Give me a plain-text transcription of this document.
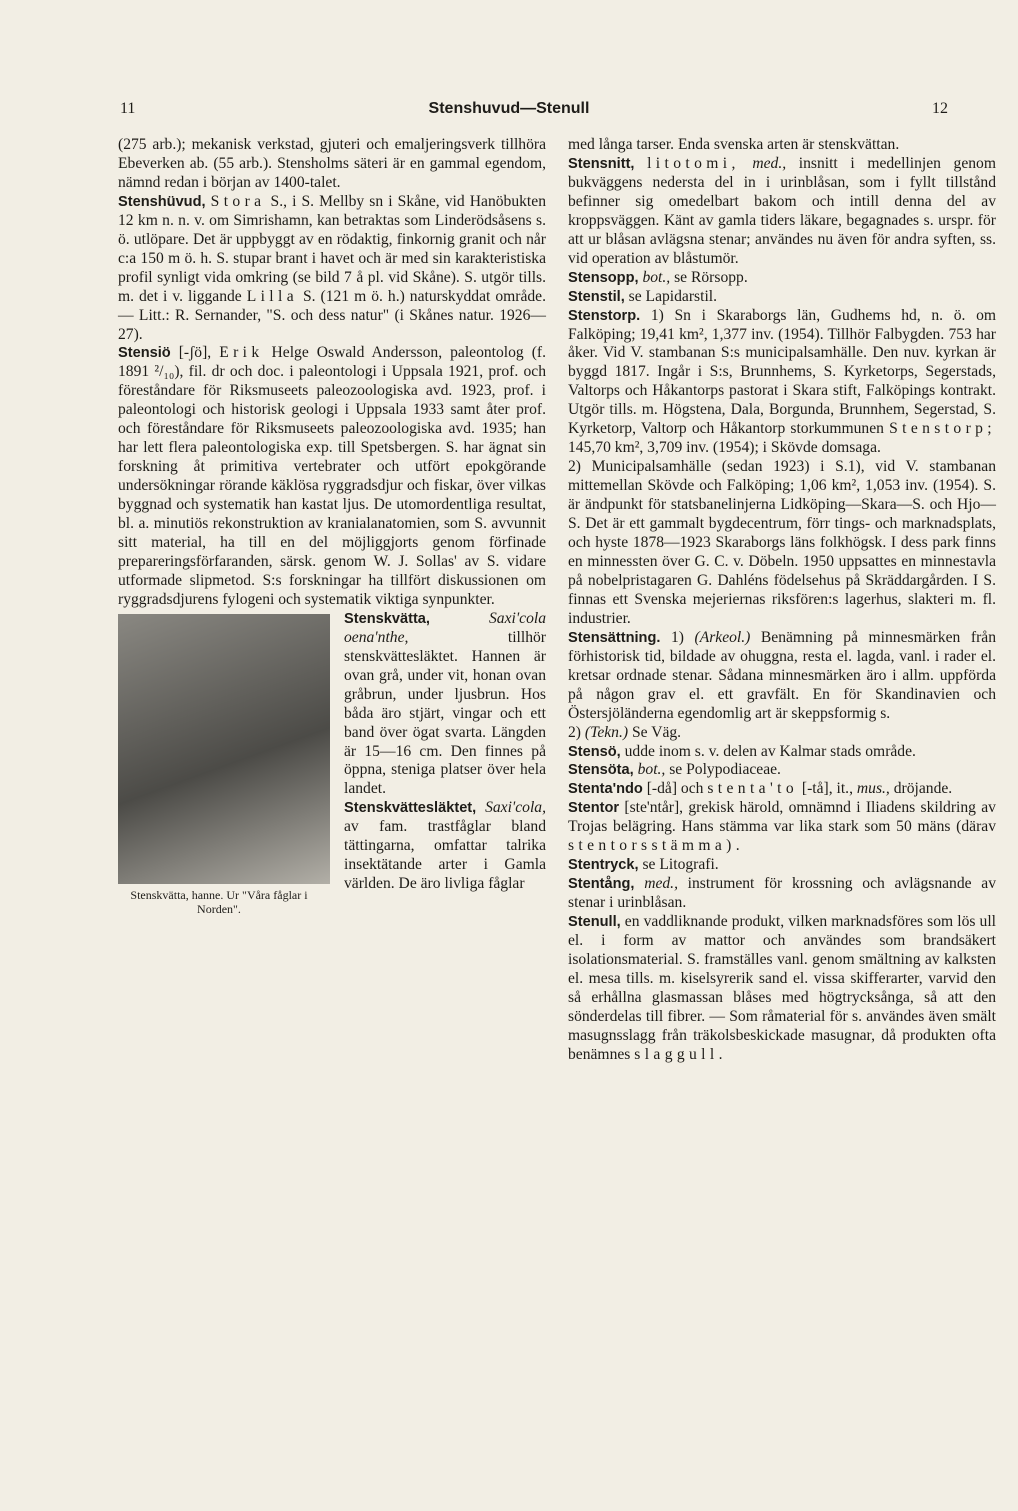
11	Stenshuvud—Stenull	12

(275 arb.); mekanisk verkstad, gjuteri och emaljeringsverk tillhöra Ebeverken ab. (55 arb.). Stensholms säteri är en gammal egendom, nämnd redan i början av 1400-talet.

Stenshüvud, Stora S., i S. Mellby sn i Skåne, vid Hanöbukten 12 km n. n. v. om Simrishamn, kan betraktas som Linderödsåsens s. ö. utlöpare. Det är uppbyggt av en rödaktig, finkornig granit och når c:a 150 m ö. h. S. stupar brant i havet och är med sin karakteristiska profil synligt vida omkring (se bild 7 å pl. vid Skåne). S. utgör tills. m. det i v. liggande Lilla S. (121 m ö. h.) naturskyddat område. — Litt.: R. Sernander, "S. och dess natur" (i Skånes natur. 1926—27).

Stensiö [-ʃö], Erik Helge Oswald Andersson, paleontolog (f. 1891 ²/₁₀), fil. dr och doc. i paleontologi i Uppsala 1921, prof. och föreståndare för Riksmuseets paleozoologiska avd. 1923, prof. i paleontologi och historisk geologi i Uppsala 1933 samt åter prof. och föreståndare för Riksmuseets paleozoologiska avd. 1935; han har lett flera paleontologiska exp. till Spetsbergen. S. har ägnat sin forskning åt primitiva vertebrater och utfört epokgörande undersökningar rörande käklösa ryggradsdjur och fiskar, över vilkas byggnad och systematik han kastat ljus. De utomordentliga resultat, bl. a. minutiös rekonstruktion av kranialanatomien, som S. avvunnit sitt material, ha till en del möjliggjorts genom förfinade prepareringsförfaranden, särsk. genom W. J. Sollas' av S. vidare utformade slipmetod. S:s forskningar ha tillfört diskussionen om ryggradsdjurens fylogeni och systematik viktiga synpunkter.

Stenskvätta, hanne. Ur "Våra fåglar i Norden".

Stenskvätta,	Saxi'cola oena'nthe,	tillhör stenskvättesläktet. Hannen är ovan grå, under vit, honan ovan gråbrun, under ljusbrun. Hos båda äro stjärt, vingar och ett band över ögat svarta. Längden är 15—16 cm. Den finnes på öppna, steniga platser över hela landet.

Stenskvättesläktet, Saxi'cola, av fam. trastfåglar bland tättingarna, omfattar talrika insektätande arter i Gamla världen. De äro livliga fåglar

med långa tarser. Enda svenska arten är stenskvättan.

Stensnitt, litotomi, med., insnitt i medellinjen genom bukväggens nedersta del in i urinblåsan, som i fyllt tillstånd befinner sig omedelbart bakom och intill denna del av kroppsväggen. Känt av gamla tiders läkare, begagnades s. urspr. för att ur blåsan avlägsna stenar; användes nu även för andra syften, ss. vid operation av blåstumör.

Stensopp, bot., se Rörsopp.

Stenstil, se Lapidarstil.

Stenstorp. 1) Sn i Skaraborgs län, Gudhems hd, n. ö. om Falköping; 19,41 km², 1,377 inv. (1954). Tillhör Falbygden. 753 har åker. Vid V. stambanan S:s municipalsamhälle. Den nuv. kyrkan är byggd 1817. Ingår i S:s, Brunnhems, S. Kyrketorps, Segerstads, Valtorps och Håkantorps pastorat i Skara stift, Falköpings kontrakt. Utgör tills. m. Högstena, Dala, Borgunda, Brunnhem, Segerstad, S. Kyrketorp, Valtorp och Håkantorp storkummunen Stenstorp; 145,70 km², 3,709 inv. (1954); i Skövde domsaga.

2) Municipalsamhälle (sedan 1923) i S.1), vid V. stambanan mittemellan Skövde och Falköping; 1,06 km², 1,053 inv. (1954). S. är ändpunkt för statsbanelinjerna Lidköping—Skara—S. och Hjo—S. Det är ett gammalt bygdecentrum, förr tings- och marknadsplats, och hyste 1878—1923 Skaraborgs läns folkhögsk. I dess park finns en minnessten över G. C. v. Döbeln. 1950 uppsattes en minnestavla på nobelpristagaren G. Dahléns födelsehus på Skräddargården. I S. finnas ett Svenska mejeriernas riksfören:s lagerhus, slakteri m. fl. industrier.

Stensättning. 1) (Arkeol.) Benämning på minnesmärken från förhistorisk tid, bildade av ohuggna, resta el. lagda, vanl. i rader el. kretsar ordnade stenar. Sådana minnesmärken äro i allm. uppförda på någon grav el. ett gravfält. En för Skandinavien och Östersjöländerna egendomlig art är skeppsformig s.

2) (Tekn.) Se Väg.

Stensö, udde inom s. v. delen av Kalmar stads område.

Stensöta, bot., se Polypodiaceae.

Stenta'ndo [-då] och stenta'to [-tå], it., mus., dröjande.

Stentor [ste'ntår], grekisk härold, omnämnd i Iliadens skildring av Trojas belägring. Hans stämma var lika stark som 50 mäns (därav stentorsstämma).

Stentryck, se Litografi.

Stentång, med., instrument för krossning och avlägsnande av stenar i urinblåsan.

Stenull, en vaddliknande produkt, vilken marknadsföres som lös ull el. i form av mattor och användes som brandsäkert isolationsmaterial. S. framställes vanl. genom smältning av kalksten el. mesa tills. m. kiselsyrerik sand el. vissa skifferarter, varvid den så erhållna glasmassan blåses med högtrycksånga, så att den sönderdelas till fibrer. — Som råmaterial för s. användes även smält masugnsslagg från träkolsbeskickade masugnar, då produkten ofta benämnes slaggull.
